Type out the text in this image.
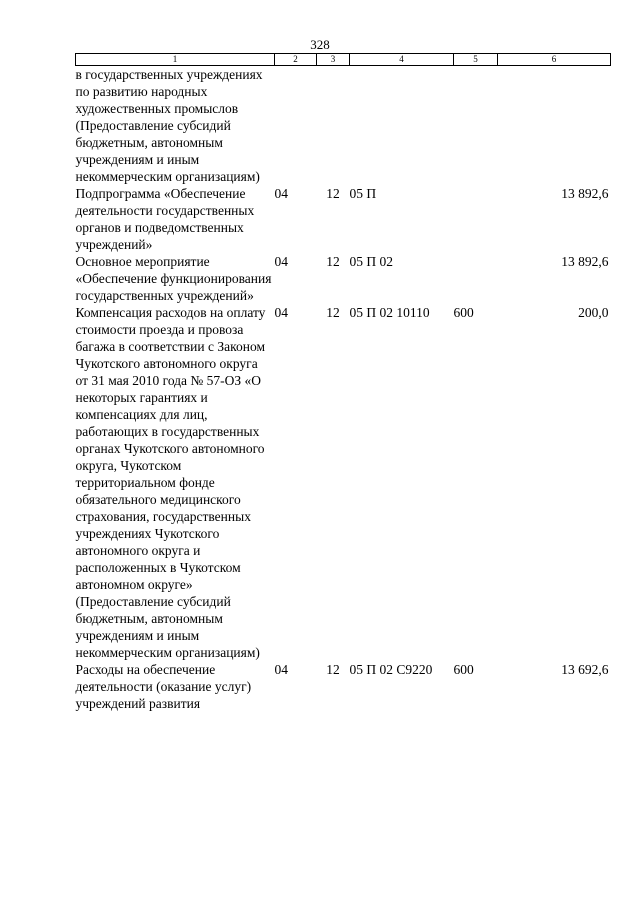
328
1	2	3	4	5	6
в государственных учреждениях по развитию народных художественных промыслов (Предоставление субсидий бюджетным, автономным учреждениям и иным некоммерческим организациям)					
Подпрограмма «Обеспечение деятельности государственных органов и подведомственных учреждений»	04	12	05 П		13 892,6
Основное мероприятие «Обеспечение функционирования государственных учреждений»	04	12	05 П 02		13 892,6
Компенсация расходов на оплату стоимости проезда и провоза багажа в соответствии с Законом Чукотского автономного округа от 31 мая 2010 года № 57-ОЗ «О некоторых гарантиях и компенсациях для лиц, работающих в государственных органах Чукотского автономного округа, Чукотском территориальном фонде обязательного медицинского страхования, государственных учреждениях Чукотского автономного округа и расположенных в Чукотском автономном округе» (Предоставление субсидий бюджетным, автономным учреждениям и иным некоммерческим организациям)	04	12	05 П 02 10110	600	200,0
Расходы на обеспечение деятельности (оказание услуг) учреждений развития	04	12	05 П 02 С9220	600	13 692,6
